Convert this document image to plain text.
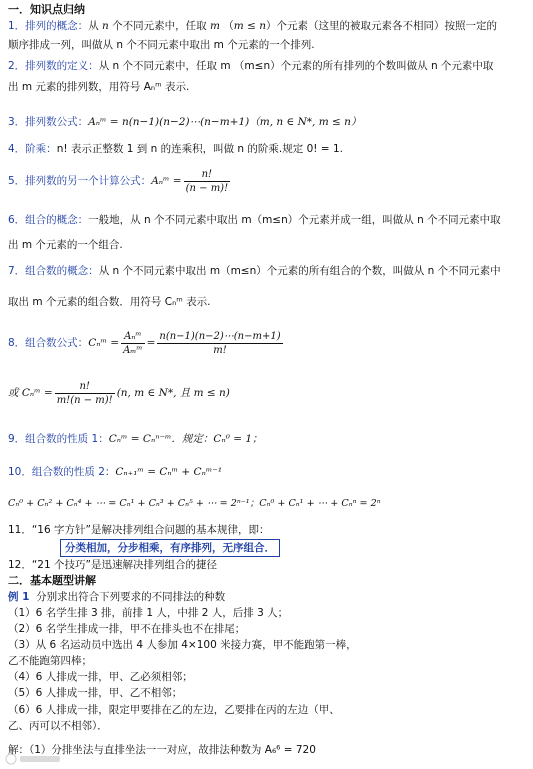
一．知识点归纳
1．排列的概念：从 n 个不同元素中，任取 m （m ≤ n）个元素（这里的被取元素各不相同）按照一定的
顺序排成一列，叫做从 n 个不同元素中取出 m 个元素的一个排列.
2．排列数的定义：从 n 个不同元素中，任取 m （m≤n）个元素的所有排列的个数叫做从 n 个元素中取
出 m 元素的排列数，用符号 Aₙᵐ 表示.
3．排列数公式：Aₙᵐ = n(n−1)(n−2)⋯(n−m+1)（m, n ∈ N*, m ≤ n）
4．阶乘：n! 表示正整数 1 到 n 的连乘积，叫做 n 的阶乘.规定 0! = 1.
5．排列数的另一个计算公式：Aₙᵐ = $\frac{n!}{(n - m)!}$
6．组合的概念：一般地，从 n 个不同元素中取出 m（m≤n）个元素并成一组，叫做从 n 个不同元素中取
出 m 个元素的一个组合.
7．组合数的概念：从 n 个不同元素中取出 m（m≤n）个元素的所有组合的个数，叫做从 n 个不同元素中
取出 m 个元素的组合数．用符号 Cₙᵐ 表示.
8．组合数公式：Cₙᵐ = $\frac{\text{Aₙᵐ}}{\text{Aₘᵐ}} = \frac{n(n-1)(n-2)\cdots(n-m+1)}{m!}$
或 Cₙᵐ = $\frac{n!}{m!(n - m)!} (n$, m ∈ N*, 且 m ≤ n)
9．组合数的性质 1：Cₙᵐ = Cₙⁿ⁻ᵐ．规定：Cₙ⁰ = 1；
10．组合数的性质 2：Cₙ₊₁ᵐ = Cₙᵐ + Cₙᵐ⁻¹
Cₙ⁰ + Cₙ² + Cₙ⁴ + ⋯ = Cₙ¹ + Cₙ³ + Cₙ⁵ + ⋯ = 2ⁿ⁻¹；Cₙ⁰ + Cₙ¹ + ⋯ + Cₙⁿ = 2ⁿ
11．“16 字方针”是解决排列组合问题的基本规律，即：
分类相加，分步相乘，有序排列，无序组合．
12．“21 个技巧”是迅速解决排列组合的捷径
二．基本题型讲解
例 1 分别求出符合下列要求的不同排法的种数
（1）6 名学生排 3 排，前排 1 人，中排 2 人，后排 3 人；
（2）6 名学生排成一排，甲不在排头也不在排尾；
（3）从 6 名运动员中选出 4 人参加 4×100 米接力赛，甲不能跑第一棒，
乙不能跑第四棒；
（4）6 人排成一排，甲、乙必须相邻；
（5）6 人排成一排，甲、乙不相邻；
（6）6 人排成一排，限定甲要排在乙的左边，乙要排在丙的左边（甲、
乙、丙可以不相邻）．
解：（1）分排坐法与直排坐法一一对应，故排法种数为 A₆⁶ = 720
